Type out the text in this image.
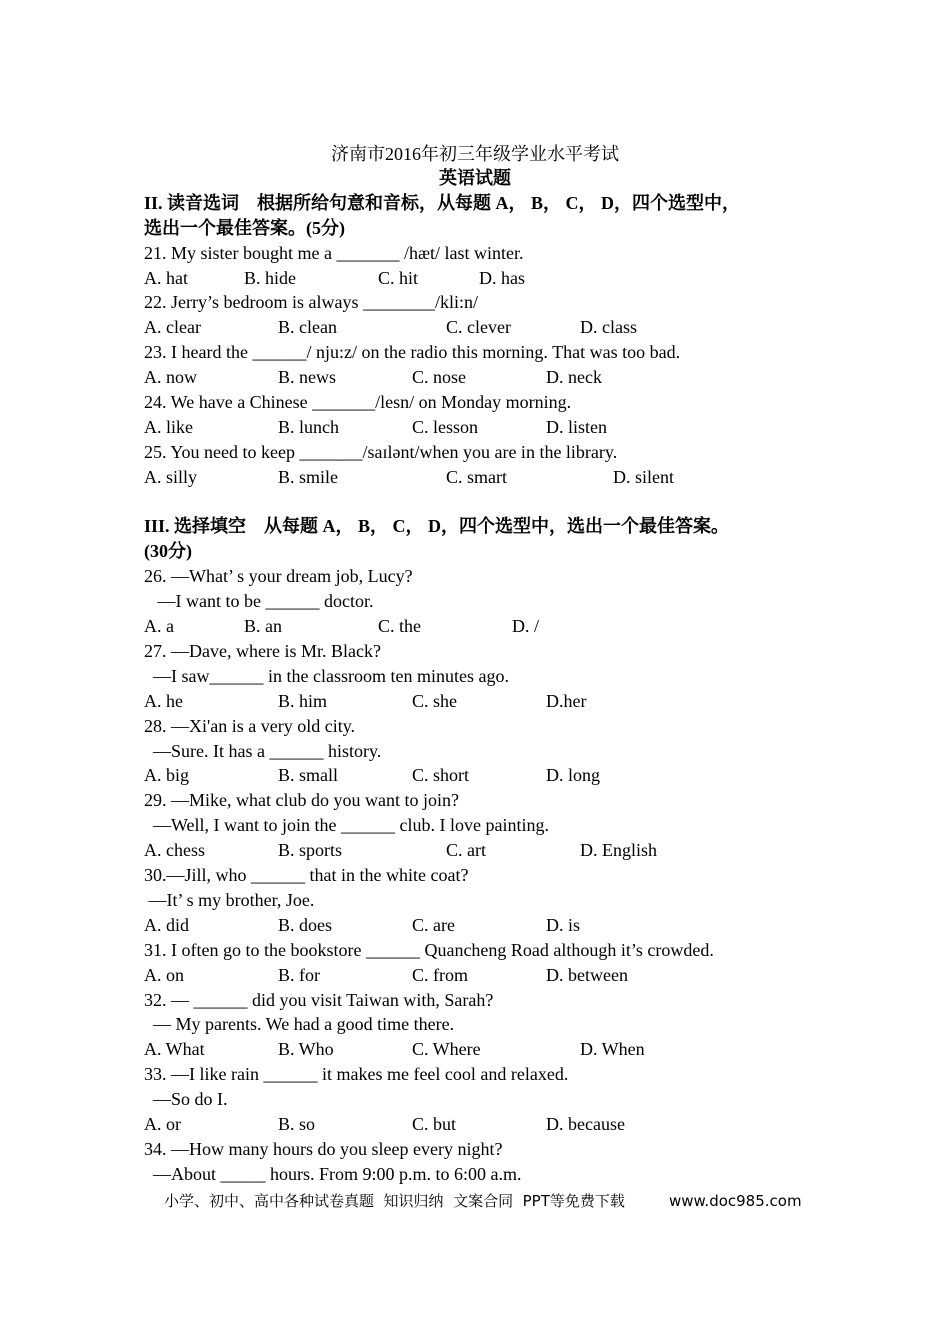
济南市2016年初三年级学业水平考试
英语试题
II. 读音选词　根据所给句意和音标，从每题 A， B， C， D，四个选型中，
选出一个最佳答案。(5分)
21. My sister bought me a _______ /hæt/ last winter.
A. hat	B. hide	C. hit	D. has
22. Jerry’s bedroom is always ________/kli:n/
A. clear	B. clean	C. clever	D. class
23. I heard the ______/ nju:z/ on the radio this morning. That was too bad.
A. now	B. news	C. nose	D. neck
24. We have a Chinese _______/lesn/ on Monday morning.
A. like	B. lunch	C. lesson	D. listen
25. You need to keep _______/saɪlənt/when you are in the library.
A. silly	B. smile	C. smart	D. silent
III. 选择填空　从每题 A， B， C， D，四个选型中，选出一个最佳答案。
(30分)
26. —What’ s your dream job, Lucy?
—I want to be ______ doctor.
A. a	B. an	C. the	D. /
27. —Dave, where is Mr. Black?
—I saw______ in the classroom ten minutes ago.
A. he	B. him	C. she	D.her
28. —Xi'an is a very old city.
—Sure. It has a ______ history.
A. big	B. small	C. short	D. long
29. —Mike, what club do you want to join?
—Well, I want to join the ______ club. I love painting.
A. chess	B. sports	C. art	D. English
30.—Jill, who ______ that in the white coat?
—It’ s my brother, Joe.
A. did	B. does	C. are	D. is
31. I often go to the bookstore ______ Quancheng Road although it’s crowded.
A. on	B. for	C. from	D. between
32. — ______ did you visit Taiwan with, Sarah?
— My parents. We had a good time there.
A. What	B. Who	C. Where	D. When
33. —I like rain ______ it makes me feel cool and relaxed.
—So do I.
A. or	B. so	C. but	D. because
34. —How many hours do you sleep every night?
—About _____ hours. From 9:00 p.m. to 6:00 a.m.
小学、初中、高中各种试卷真题  知识归纳  文案合同  PPT等免费下载	www.doc985.com
